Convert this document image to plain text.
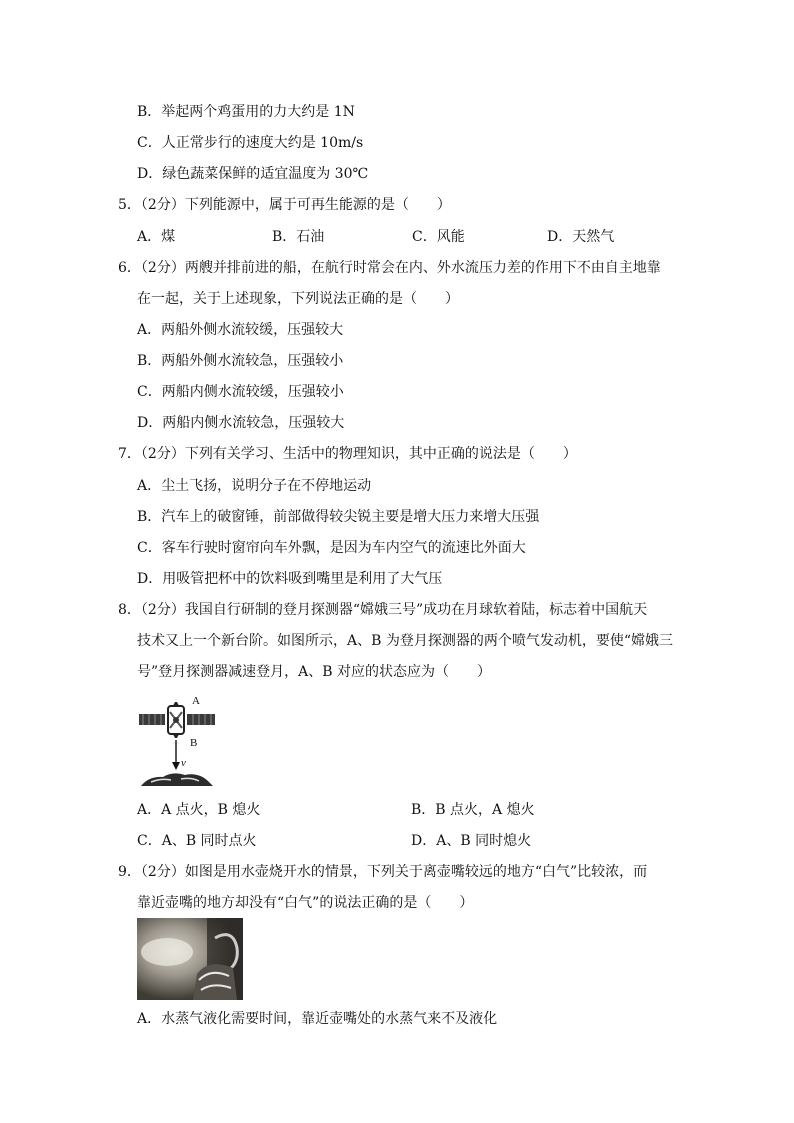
B．举起两个鸡蛋用的力大约是 1N
C．人正常步行的速度大约是 10m/s
D．绿色蔬菜保鲜的适宜温度为 30℃
5．（2分）下列能源中，属于可再生能源的是（　　）
A．煤	B．石油	C．风能	D．天然气
6．（2分）两艘并排前进的船，在航行时常会在内、外水流压力差的作用下不由自主地靠
在一起，关于上述现象，下列说法正确的是（　　）
A．两船外侧水流较缓，压强较大
B．两船外侧水流较急，压强较小
C．两船内侧水流较缓，压强较小
D．两船内侧水流较急，压强较大
7．（2分）下列有关学习、生活中的物理知识，其中正确的说法是（　　）
A．尘土飞扬，说明分子在不停地运动
B．汽车上的破窗锤，前部做得较尖锐主要是增大压力来增大压强
C．客车行驶时窗帘向车外飘，是因为车内空气的流速比外面大
D．用吸管把杯中的饮料吸到嘴里是利用了大气压
8．（2分）我国自行研制的登月探测器“嫦娥三号”成功在月球软着陆，标志着中国航天
技术又上一个新台阶。如图所示，A、B 为登月探测器的两个喷气发动机，要使“嫦娥三
号”登月探测器减速登月，A、B 对应的状态应为（　　）
A
B
v
A．A 点火，B 熄火	B．B 点火，A 熄火
C．A、B 同时点火	D．A、B 同时熄火
9．（2分）如图是用水壶烧开水的情景，下列关于离壶嘴较远的地方“白气”比较浓，而
靠近壶嘴的地方却没有“白气”的说法正确的是（　　）
A．水蒸气液化需要时间，靠近壶嘴处的水蒸气来不及液化
